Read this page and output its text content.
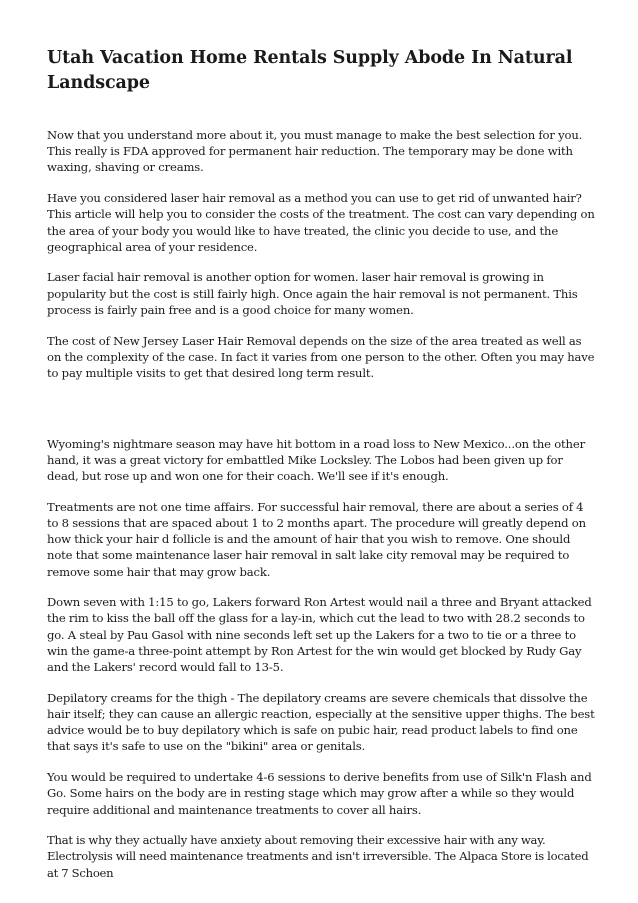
Utah Vacation Home Rentals Supply Abode In Natural Landscape

Now that you understand more about it, you must manage to make the best selection for you. This really is FDA approved for permanent hair reduction. The temporary may be done with waxing, shaving or creams.

Have you considered laser hair removal as a method you can use to get rid of unwanted hair? This article will help you to consider the costs of the treatment. The cost can vary depending on the area of your body you would like to have treated, the clinic you decide to use, and the geographical area of your residence.

Laser facial hair removal is another option for women. laser hair removal is growing in popularity but the cost is still fairly high. Once again the hair removal is not permanent. This process is fairly pain free and is a good choice for many women.

The cost of New Jersey Laser Hair Removal depends on the size of the area treated as well as on the complexity of the case. In fact it varies from one person to the other. Often you may have to pay multiple visits to get that desired long term result.

Wyoming's nightmare season may have hit bottom in a road loss to New Mexico...on the other hand, it was a great victory for embattled Mike Locksley. The Lobos had been given up for dead, but rose up and won one for their coach. We'll see if it's enough.

Treatments are not one time affairs. For successful hair removal, there are about a series of 4 to 8 sessions that are spaced about 1 to 2 months apart. The procedure will greatly depend on how thick your hair d follicle is and the amount of hair that you wish to remove. One should note that some maintenance laser hair removal in salt lake city removal may be required to remove some hair that may grow back.

Down seven with 1:15 to go, Lakers forward Ron Artest would nail a three and Bryant attacked the rim to kiss the ball off the glass for a lay-in, which cut the lead to two with 28.2 seconds to go. A steal by Pau Gasol with nine seconds left set up the Lakers for a two to tie or a three to win the game-a three-point attempt by Ron Artest for the win would get blocked by Rudy Gay and the Lakers' record would fall to 13-5.

Depilatory creams for the thigh - The depilatory creams are severe chemicals that dissolve the hair itself; they can cause an allergic reaction, especially at the sensitive upper thighs. The best advice would be to buy depilatory which is safe on pubic hair, read product labels to find one that says it's safe to use on the "bikini" area or genitals.

You would be required to undertake 4-6 sessions to derive benefits from use of Silk'n Flash and Go. Some hairs on the body are in resting stage which may grow after a while so they would require additional and maintenance treatments to cover all hairs.

That is why they actually have anxiety about removing their excessive hair with any way. Electrolysis will need maintenance treatments and isn't irreversible. The Alpaca Store is located at 7 Schoen
